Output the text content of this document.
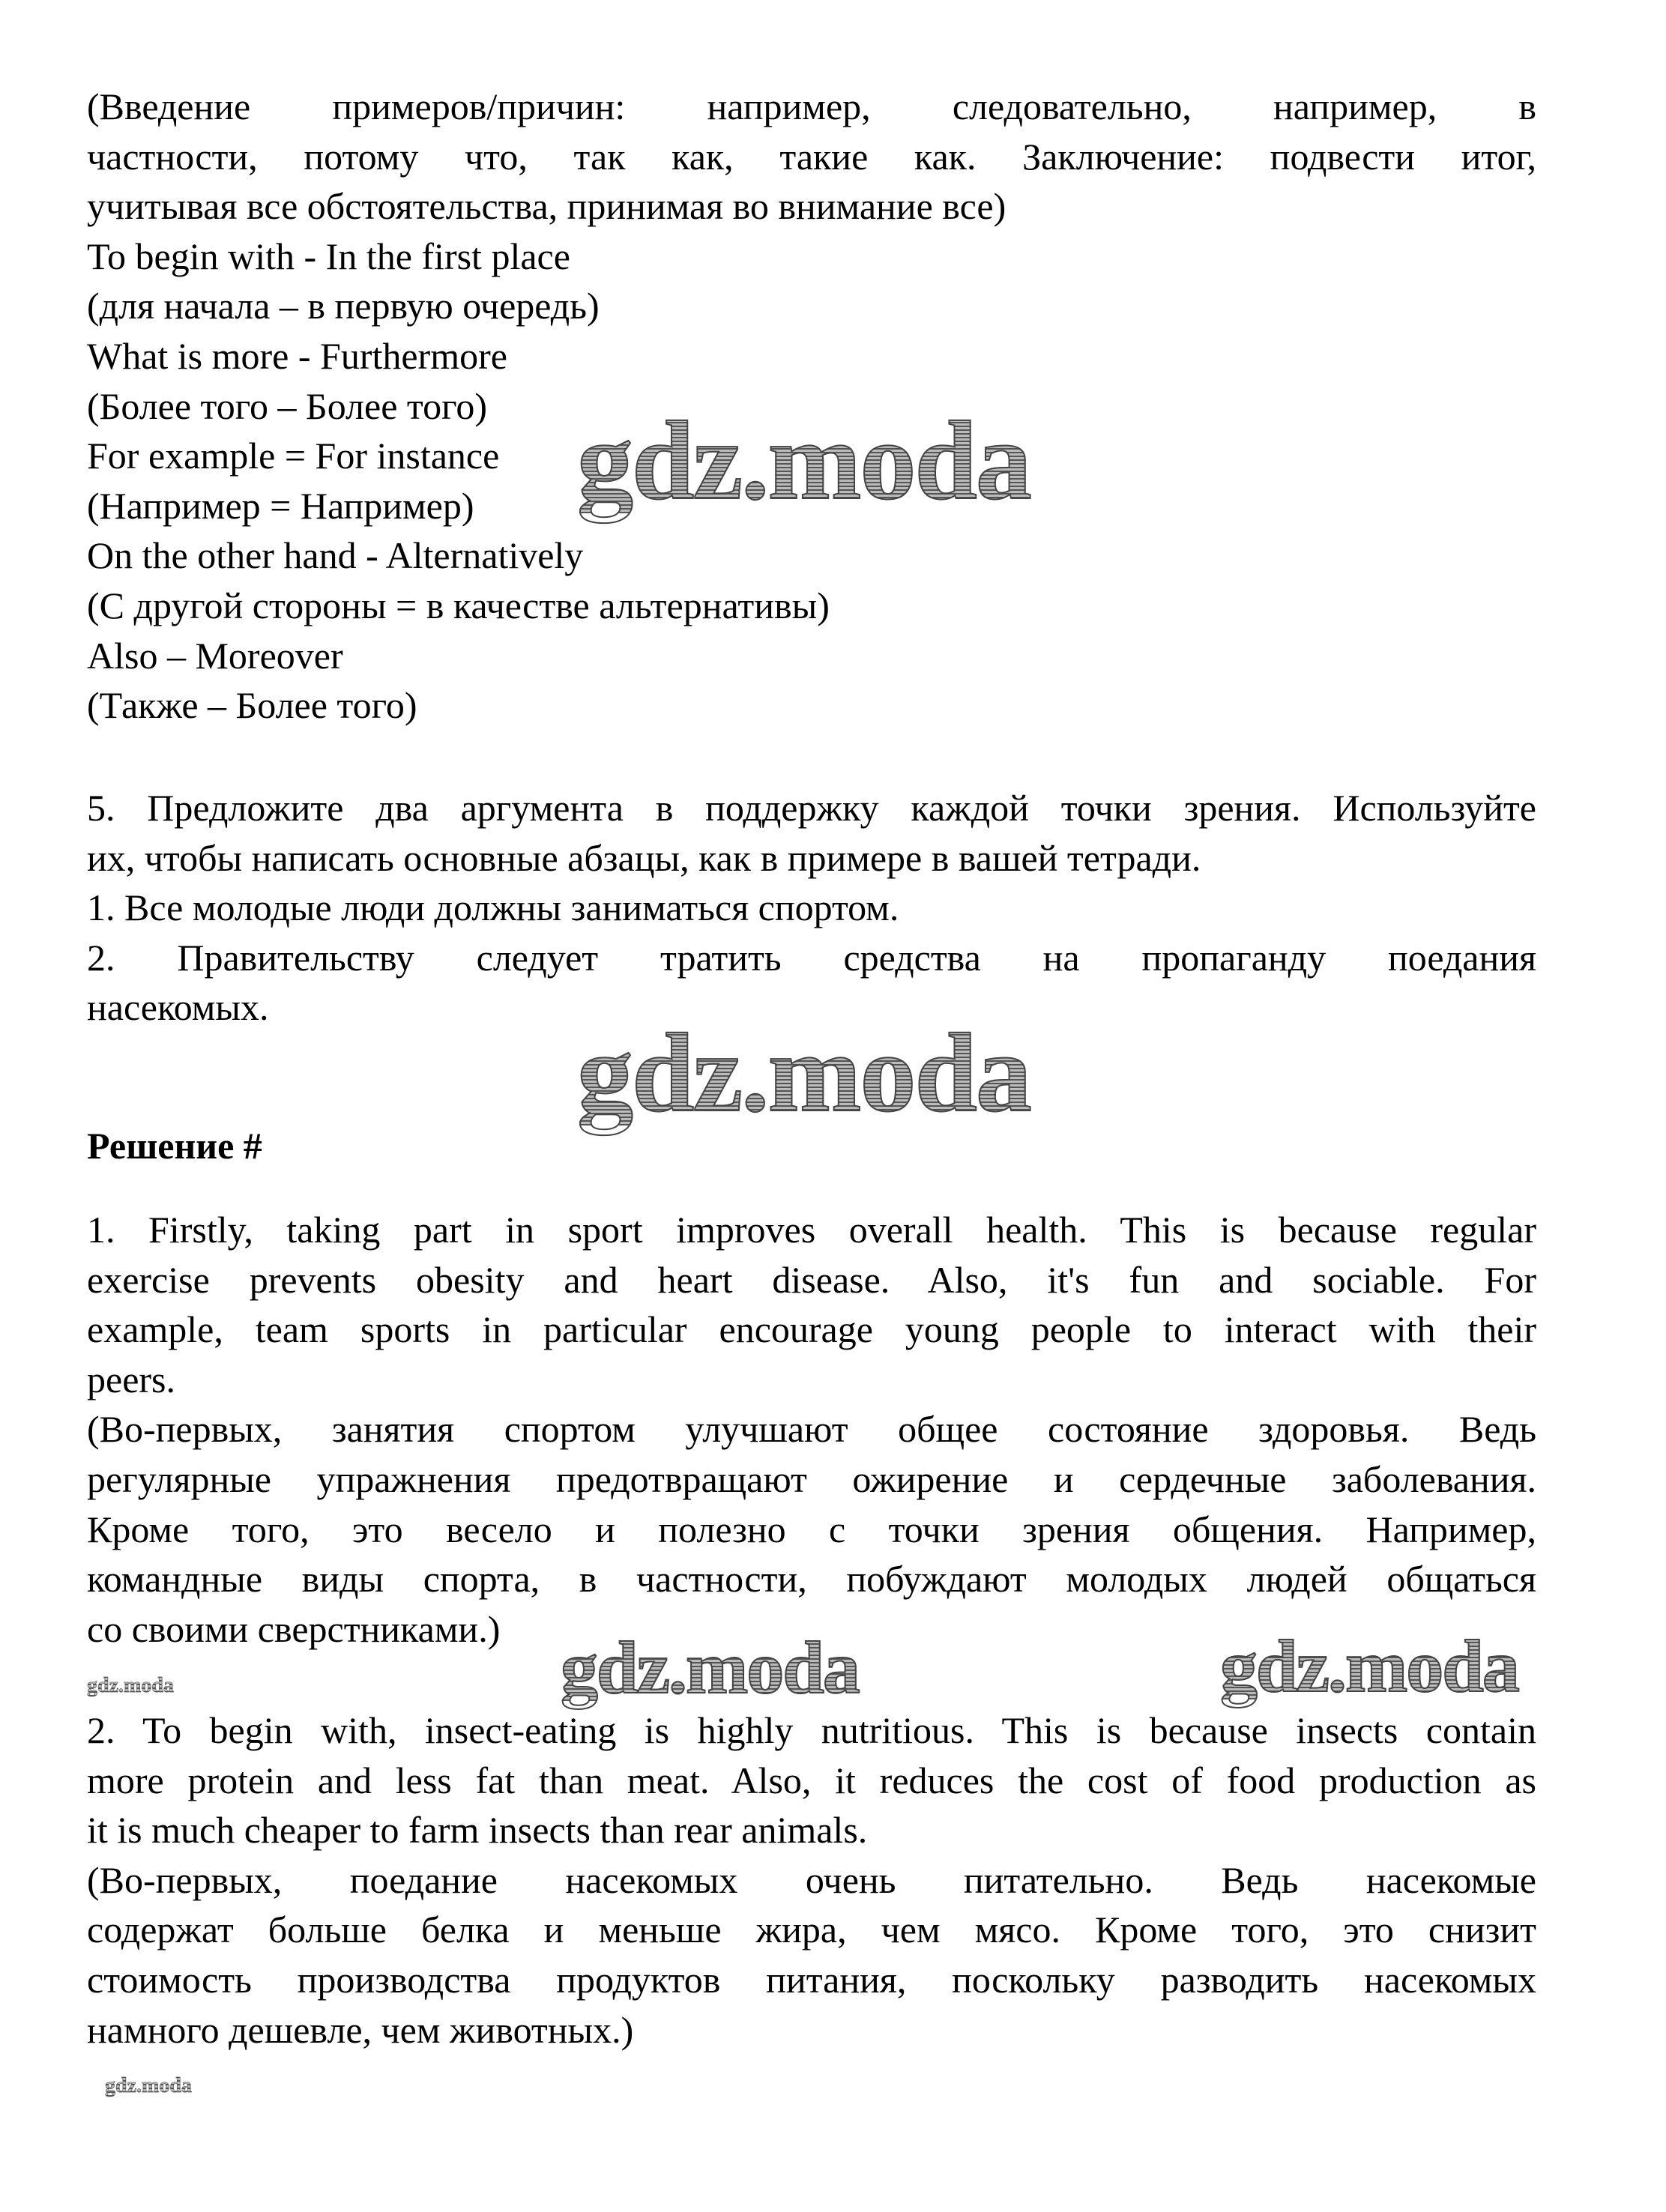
(Введение примеров/причин: например, следовательно, например, в
частности, потому что, так как, такие как. Заключение: подвести итог,
учитывая все обстоятельства, принимая во внимание все)
To begin with - In the first place
(для начала – в первую очередь)
What is more - Furthermore
(Более того – Более того)
For example = For instance
(Например = Например)
On the other hand - Alternatively
(С другой стороны = в качестве альтернативы)
Also – Moreover
(Также – Более того)
5. Предложите два аргумента в поддержку каждой точки зрения. Используйте
их, чтобы написать основные абзацы, как в примере в вашей тетради.
1. Все молодые люди должны заниматься спортом.
2. Правительству следует тратить средства на пропаганду поедания
насекомых.
Решение #
1. Firstly, taking part in sport improves overall health. This is because regular
exercise prevents obesity and heart disease. Also, it's fun and sociable. For
example, team sports in particular encourage young people to interact with their
peers.
(Во-первых, занятия спортом улучшают общее состояние здоровья. Ведь
регулярные упражнения предотвращают ожирение и сердечные заболевания.
Кроме того, это весело и полезно с точки зрения общения. Например,
командные виды спорта, в частности, побуждают молодых людей общаться
со своими сверстниками.)
2. To begin with, insect-eating is highly nutritious. This is because insects contain
more protein and less fat than meat. Also, it reduces the cost of food production as
it is much cheaper to farm insects than rear animals.
(Во-первых, поедание насекомых очень питательно. Ведь насекомые
содержат больше белка и меньше жира, чем мясо. Кроме того, это снизит
стоимость производства продуктов питания, поскольку разводить насекомых
намного дешевле, чем животных.)
gdz.moda
gdz.moda
gdz.moda	gdz.moda
gdz.moda
gdz.moda
